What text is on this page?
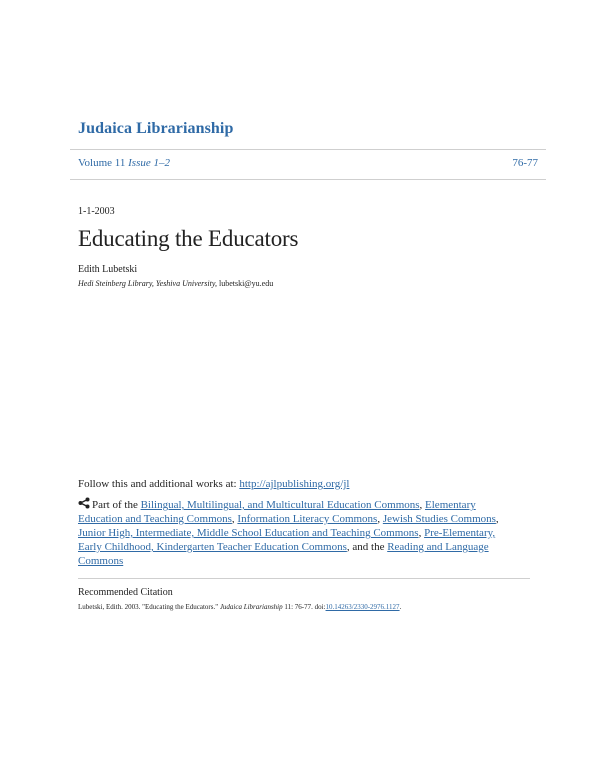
Judaica Librarianship
Volume 11 Issue 1–2	76-77
1-1-2003
Educating the Educators
Edith Lubetski
Hedi Steinberg Library, Yeshiva University, lubetski@yu.edu
Follow this and additional works at: http://ajlpublishing.org/jl
Part of the Bilingual, Multilingual, and Multicultural Education Commons, Elementary Education and Teaching Commons, Information Literacy Commons, Jewish Studies Commons, Junior High, Intermediate, Middle School Education and Teaching Commons, Pre-Elementary, Early Childhood, Kindergarten Teacher Education Commons, and the Reading and Language Commons
Recommended Citation
Lubetski, Edith. 2003. "Educating the Educators." Judaica Librarianship 11: 76-77. doi:10.14263/2330-2976.1127.
